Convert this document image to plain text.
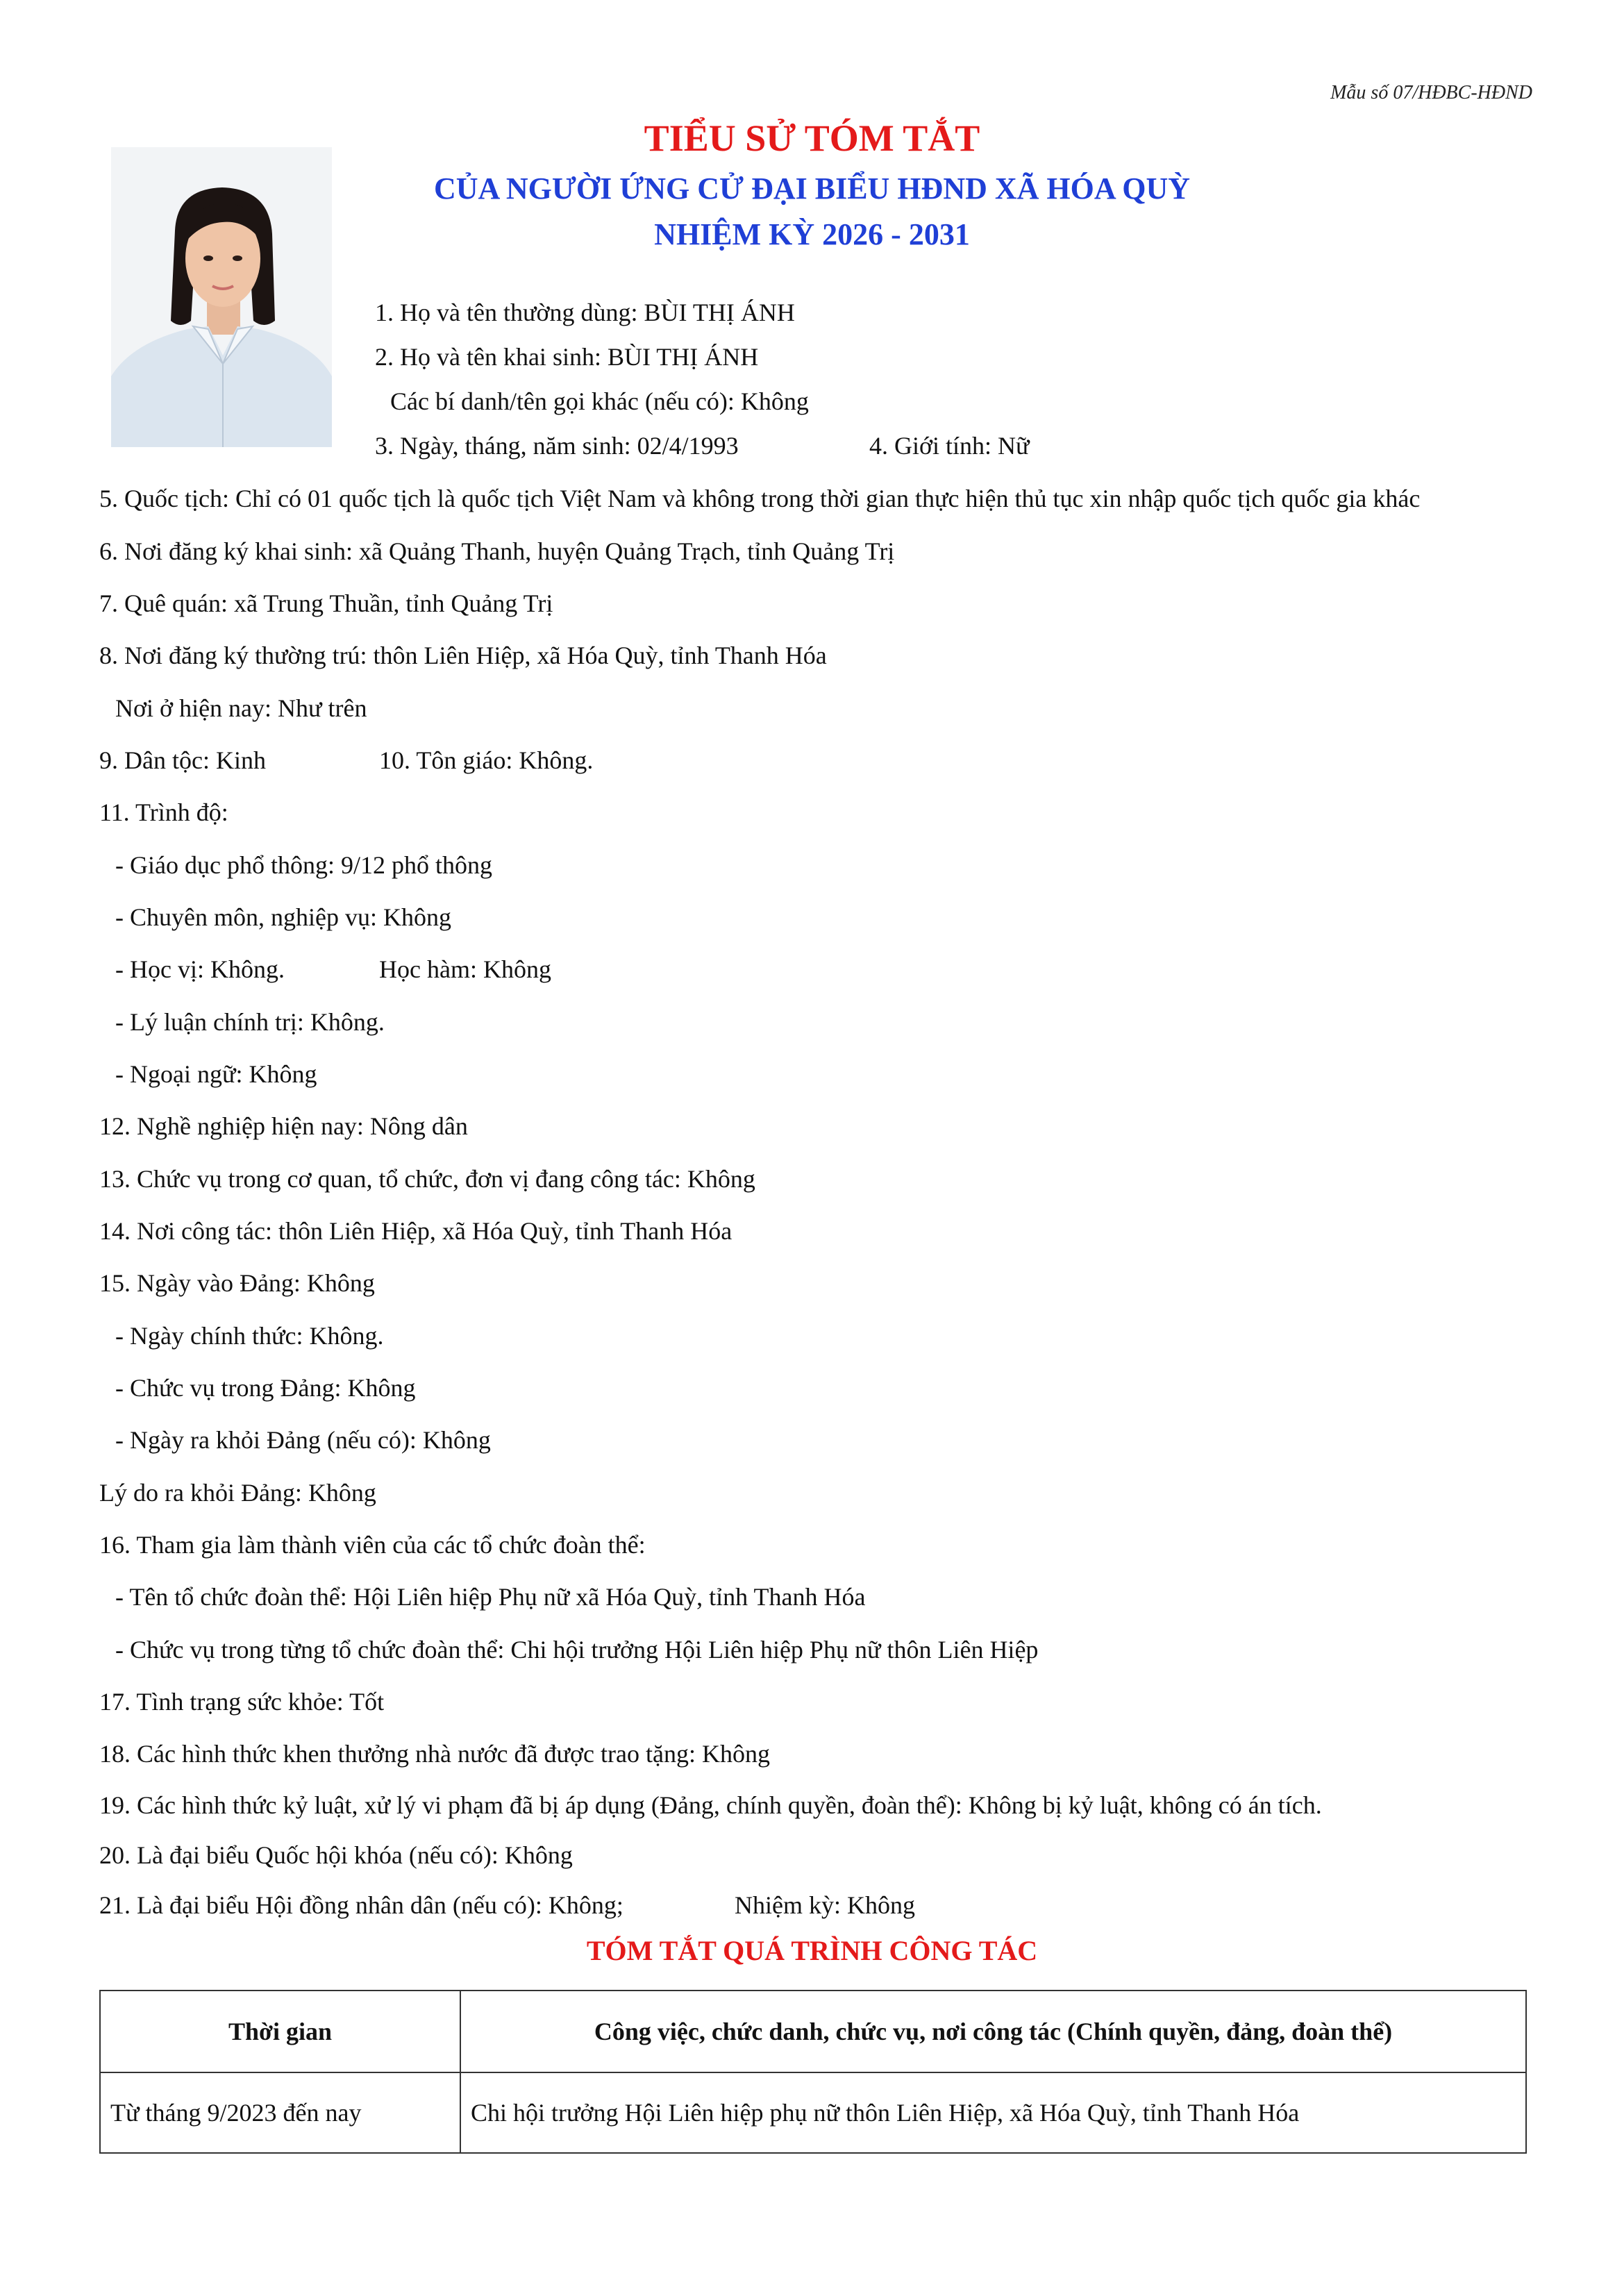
Mẫu số 07/HĐBC-HĐND
TIỂU SỬ TÓM TẮT
CỦA NGƯỜI ỨNG CỬ ĐẠI BIỂU HĐND XÃ HÓA QUỲ
NHIỆM KỲ 2026 - 2031
1. Họ và tên thường dùng: BÙI THỊ ÁNH
2. Họ và tên khai sinh: BÙI THỊ ÁNH
Các bí danh/tên gọi khác (nếu có): Không
3. Ngày, tháng, năm sinh: 02/4/1993	4. Giới tính: Nữ
5. Quốc tịch: Chỉ có 01 quốc tịch là quốc tịch Việt Nam và không trong thời gian thực hiện thủ tục xin nhập quốc tịch quốc gia khác
6. Nơi đăng ký khai sinh: xã Quảng Thanh, huyện Quảng Trạch, tỉnh Quảng Trị
7. Quê quán: xã Trung Thuần, tỉnh Quảng Trị
8. Nơi đăng ký thường trú: thôn Liên Hiệp, xã Hóa Quỳ, tỉnh Thanh Hóa
Nơi ở hiện nay: Như trên
9. Dân tộc: Kinh	10. Tôn giáo: Không.
11. Trình độ:
- Giáo dục phổ thông: 9/12 phổ thông
- Chuyên môn, nghiệp vụ: Không
- Học vị: Không.	Học hàm: Không
- Lý luận chính trị: Không.
- Ngoại ngữ: Không
12. Nghề nghiệp hiện nay: Nông dân
13. Chức vụ trong cơ quan, tổ chức, đơn vị đang công tác: Không
14. Nơi công tác: thôn Liên Hiệp, xã Hóa Quỳ, tỉnh Thanh Hóa
15. Ngày vào Đảng: Không
- Ngày chính thức: Không.
- Chức vụ trong Đảng: Không
- Ngày ra khỏi Đảng (nếu có): Không
Lý do ra khỏi Đảng: Không
16. Tham gia làm thành viên của các tổ chức đoàn thể:
- Tên tổ chức đoàn thể: Hội Liên hiệp Phụ nữ xã Hóa Quỳ, tỉnh Thanh Hóa
- Chức vụ trong từng tổ chức đoàn thể: Chi hội trưởng Hội Liên hiệp Phụ nữ thôn Liên Hiệp
17. Tình trạng sức khỏe: Tốt
18. Các hình thức khen thưởng nhà nước đã được trao tặng: Không
19. Các hình thức kỷ luật, xử lý vi phạm đã bị áp dụng (Đảng, chính quyền, đoàn thể): Không bị kỷ luật, không có án tích.
20. Là đại biểu Quốc hội khóa (nếu có): Không
21. Là đại biểu Hội đồng nhân dân (nếu có): Không;	Nhiệm kỳ: Không
TÓM TẮT QUÁ TRÌNH CÔNG TÁC
Thời gian	Công việc, chức danh, chức vụ, nơi công tác (Chính quyền, đảng, đoàn thể)
Từ tháng 9/2023 đến nay	Chi hội trưởng Hội Liên hiệp phụ nữ thôn Liên Hiệp, xã Hóa Quỳ, tỉnh Thanh Hóa
